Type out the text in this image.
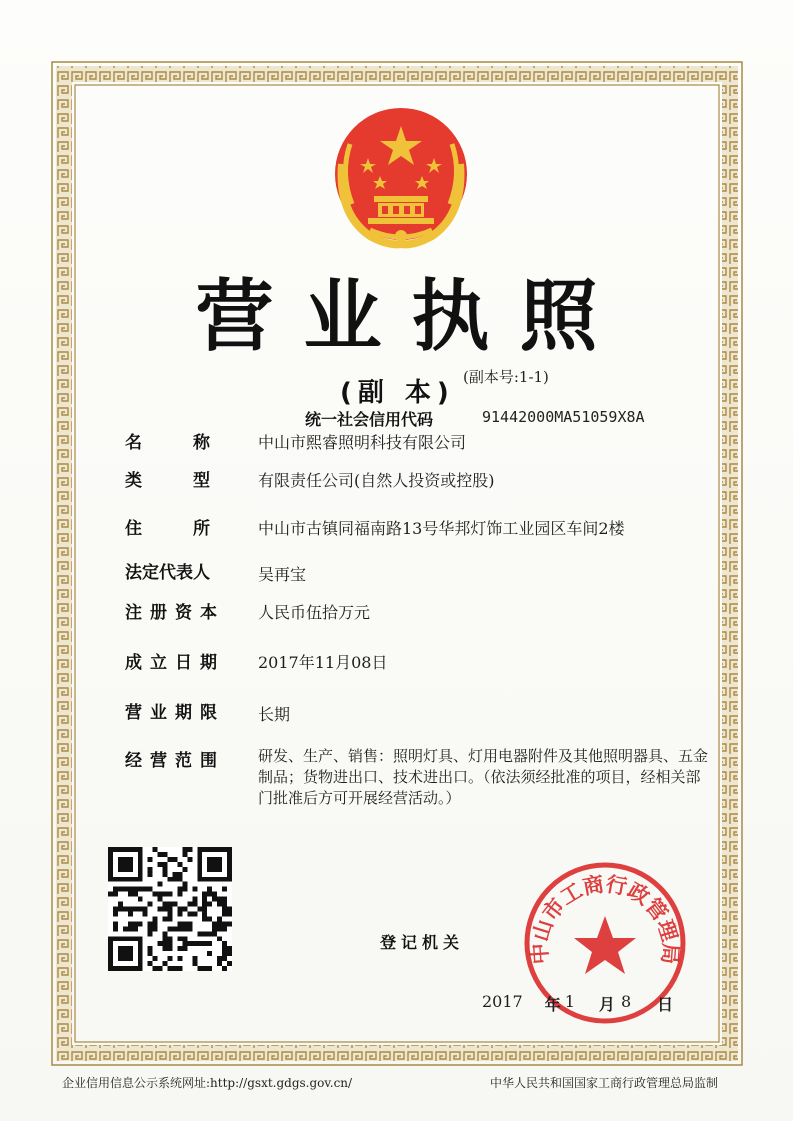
营业执照
(副 本)
(副本号:1-1)
统一社会信用代码	91442000MA51059X8A
名　　　称	中山市熙睿照明科技有限公司
类　　　型	有限责任公司(自然人投资或控股)
住　　　所	中山市古镇同福南路13号华邦灯饰工业园区车间2楼
法定代表人	吴再宝
注册资本	人民币伍拾万元
成立日期	2017年11月08日
营业期限	长期
经营范围	研发、生产、销售：照明灯具、灯用电器附件及其他照明器具、五金制品；货物进出口、技术进出口。（依法须经批准的项目，经相关部门批准后方可开展经营活动。）
登记机关	中山市工商行政管理局
2017 年 1 月 8 日
企业信用信息公示系统网址:http://gsxt.gdgs.gov.cn/	中华人民共和国国家工商行政管理总局监制
